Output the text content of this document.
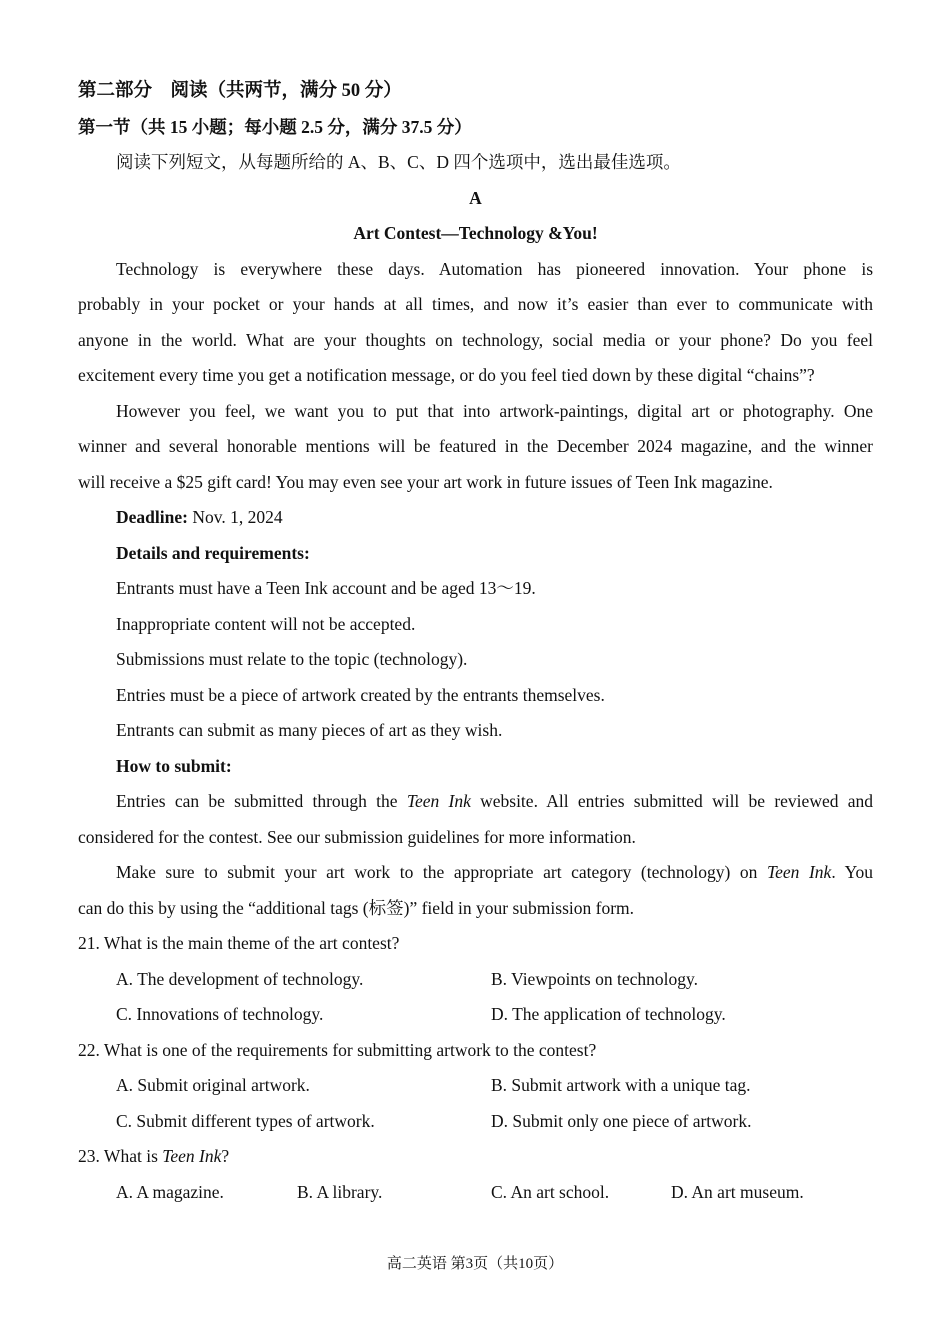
第二部分　阅读（共两节，满分 50 分）
第一节（共 15 小题；每小题 2.5 分，满分 37.5 分）
阅读下列短文，从每题所给的 A、B、C、D 四个选项中，选出最佳选项。
A
Art Contest—Technology &You!
Technology is everywhere these days. Automation has pioneered innovation. Your phone is
probably in your pocket or your hands at all times, and now it’s easier than ever to communicate with
anyone in the world. What are your thoughts on technology, social media or your phone? Do you feel
excitement every time you get a notification message, or do you feel tied down by these digital “chains”?
However you feel, we want you to put that into artwork-paintings, digital art or photography. One
winner and several honorable mentions will be featured in the December 2024 magazine, and the winner
will receive a $25 gift card! You may even see your art work in future issues of Teen Ink magazine.
Deadline: Nov. 1, 2024
Details and requirements:
Entrants must have a Teen Ink account and be aged 13～19.
Inappropriate content will not be accepted.
Submissions must relate to the topic (technology).
Entries must be a piece of artwork created by the entrants themselves.
Entrants can submit as many pieces of art as they wish.
How to submit:
Entries can be submitted through the Teen Ink website. All entries submitted will be reviewed and
considered for the contest. See our submission guidelines for more information.
Make sure to submit your art work to the appropriate art category (technology) on Teen Ink. You
can do this by using the “additional tags (标签)” field in your submission form.
21. What is the main theme of the art contest?
A. The development of technology.	B. Viewpoints on technology.
C. Innovations of technology.	D. The application of technology.
22. What is one of the requirements for submitting artwork to the contest?
A. Submit original artwork.	B. Submit artwork with a unique tag.
C. Submit different types of artwork.	D. Submit only one piece of artwork.
23. What is Teen Ink?
A. A magazine.	B. A library.	C. An art school.	D. An art museum.
高二英语 第3页（共10页）
